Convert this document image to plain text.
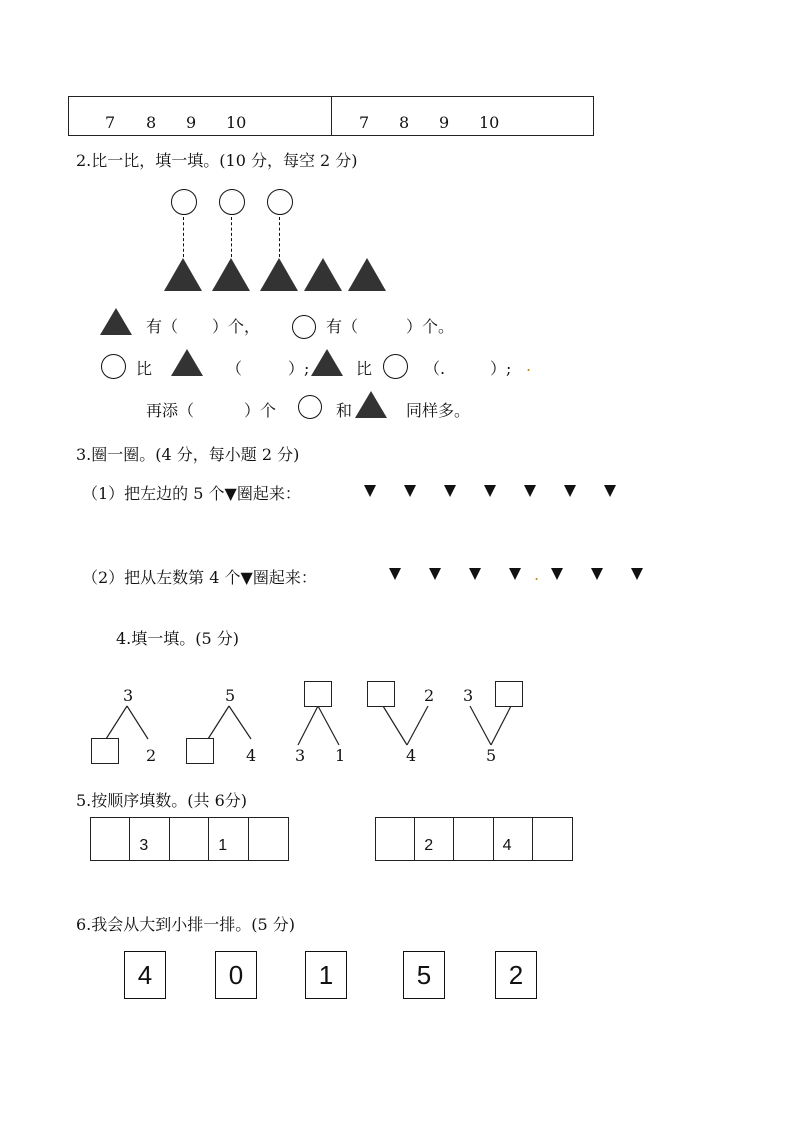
7 8 9 10	7 8 9 10
2.比一比，填一填。(10 分，每空 2 分)
有（ ）个，	有（	）个。
比	（	）;	比	（.	）; .
再添（	）个	和	同样多。
3.圈一圈。(4 分，每小题 2 分)
（1）把左边的 5 个▼圈起来：
（2）把从左数第 4 个▼圈起来：	.
4.填一填。(5 分)
3
2
5
4 3 1
2
4
3
5
5.按顺序填数。(共 6分)
3	1	2	4
6.我会从大到小排一排。(5 分)
4	0	1	5	2
